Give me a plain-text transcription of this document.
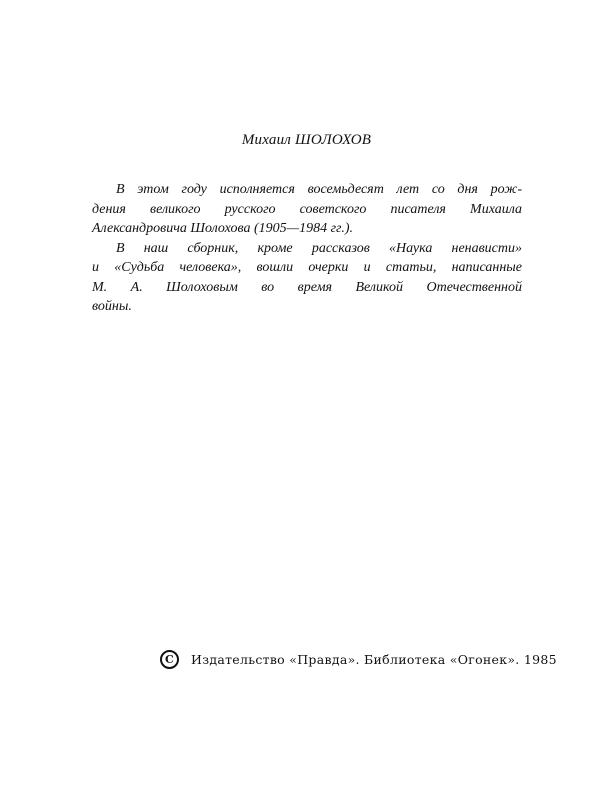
Михаил ШОЛОХОВ
В этом году исполняется восемьдесят лет со дня рож-
дения великого русского советского писателя Михаила
Александровича Шолохова (1905—1984 гг.).
В наш сборник, кроме рассказов «Наука ненависти»
и «Судьба человека», вошли очерки и статьи, написанные
М. А. Шолоховым во время Великой Отечественной
войны.
C	Издательство «Правда». Библиотека «Огонек». 1985
